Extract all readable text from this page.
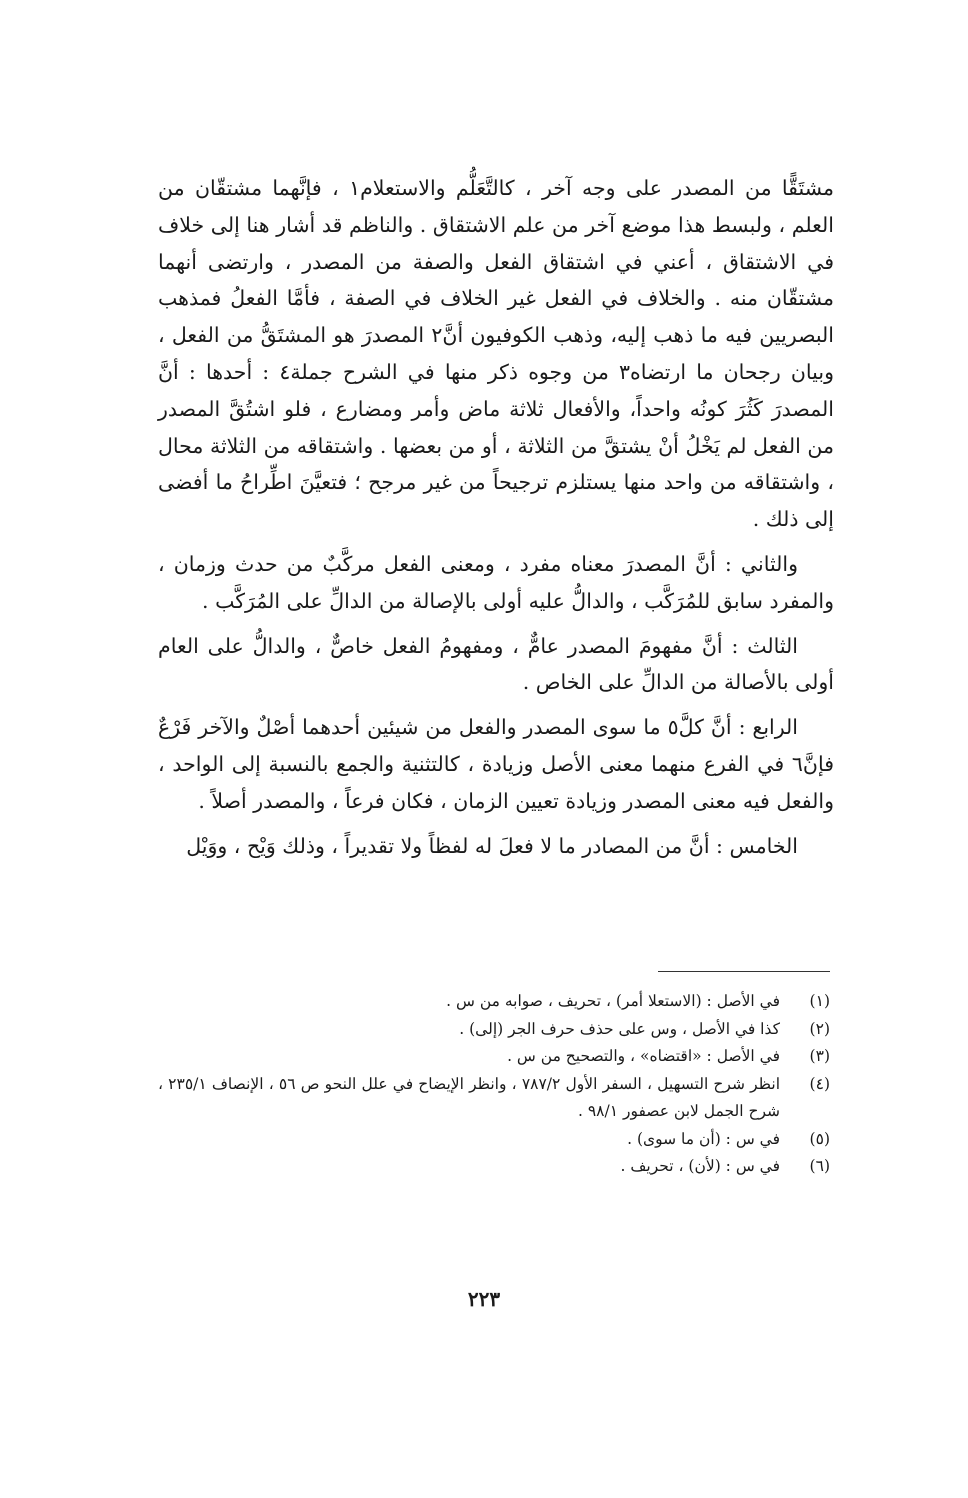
مشتَقًّا من المصدر على وجه آخر ، كالتَّعَلُّم والاستعلام١ ، فإنَّهما مشتقّان من العلم ، ولبسط هذا موضع آخر من علم الاشتقاق . والناظم قد أشار هنا إلى خلاف في الاشتقاق ، أعني في اشتقاق الفعل والصفة من المصدر ، وارتضى أنهما مشتقّان منه . والخلاف في الفعل غير الخلاف في الصفة ، فأمَّا الفعلُ فمذهب البصريين فيه ما ذهب إليه، وذهب الكوفيون أنَّ٢ المصدرَ هو المشتَقُّ من الفعل ، وبيان رجحان ما ارتضاه٣ من وجوه ذكر منها في الشرح جملة٤ : أحدها : أنَّ المصدرَ كَثُرَ كونُه واحداً، والأفعال ثلاثة ماض وأمر ومضارع ، فلو اشتُقَّ المصدر من الفعل لم يَخْلُ أنْ يشتقَّ من الثلاثة ، أو من بعضها . واشتقاقه من الثلاثة محال ، واشتقاقه من واحد منها يستلزم ترجيحاً من غير مرجح ؛ فتعيَّنَ اطِّراحُ ما أفضى إلى ذلك .

والثاني : أنَّ المصدرَ معناه مفرد ، ومعنى الفعل مركَّبٌ من حدث وزمان ، والمفرد سابق للمُرَكَّب ، والدالُّ عليه أولى بالإصالة من الدالِّ على المُرَكَّب .

الثالث : أنَّ مفهومَ المصدر عامٌّ ، ومفهومُ الفعل خاصٌّ ، والدالُّ على العام أولى بالأصالة من الدالِّ على الخاص .

الرابع : أنَّ كلَّ٥ ما سوى المصدر والفعل من شيئين أحدهما أصْلٌ والآخر فَرْعٌ فإنَّ٦ في الفرع منهما معنى الأصل وزيادة ، كالتثنية والجمع بالنسبة إلى الواحد ، والفعل فيه معنى المصدر وزيادة تعيين الزمان ، فكان فرعاً ، والمصدر أصلاً .

الخامس : أنَّ من المصادر ما لا فعلَ له لفظاً ولا تقديراً ، وذلك وَيْح ، ووَيْل

(١)
في الأصل : (الاستعلا أمر) ، تحريف ، صوابه من س .
(٢)
كذا في الأصل ، وس على حذف حرف الجر (إلى) .
(٣)
في الأصل : «اقتضاه» ، والتصحيح من س .
(٤)
انظر شرح التسهيل ، السفر الأول ٧٨٧/٢ ، وانظر الإيضاح في علل النحو ص ٥٦ ، الإنصاف ٢٣٥/١ ، شرح الجمل لابن عصفور ٩٨/١ .
(٥)
في س : (أن ما سوى) .
(٦)
في س : (لأن) ، تحريف .
٢٢٣
